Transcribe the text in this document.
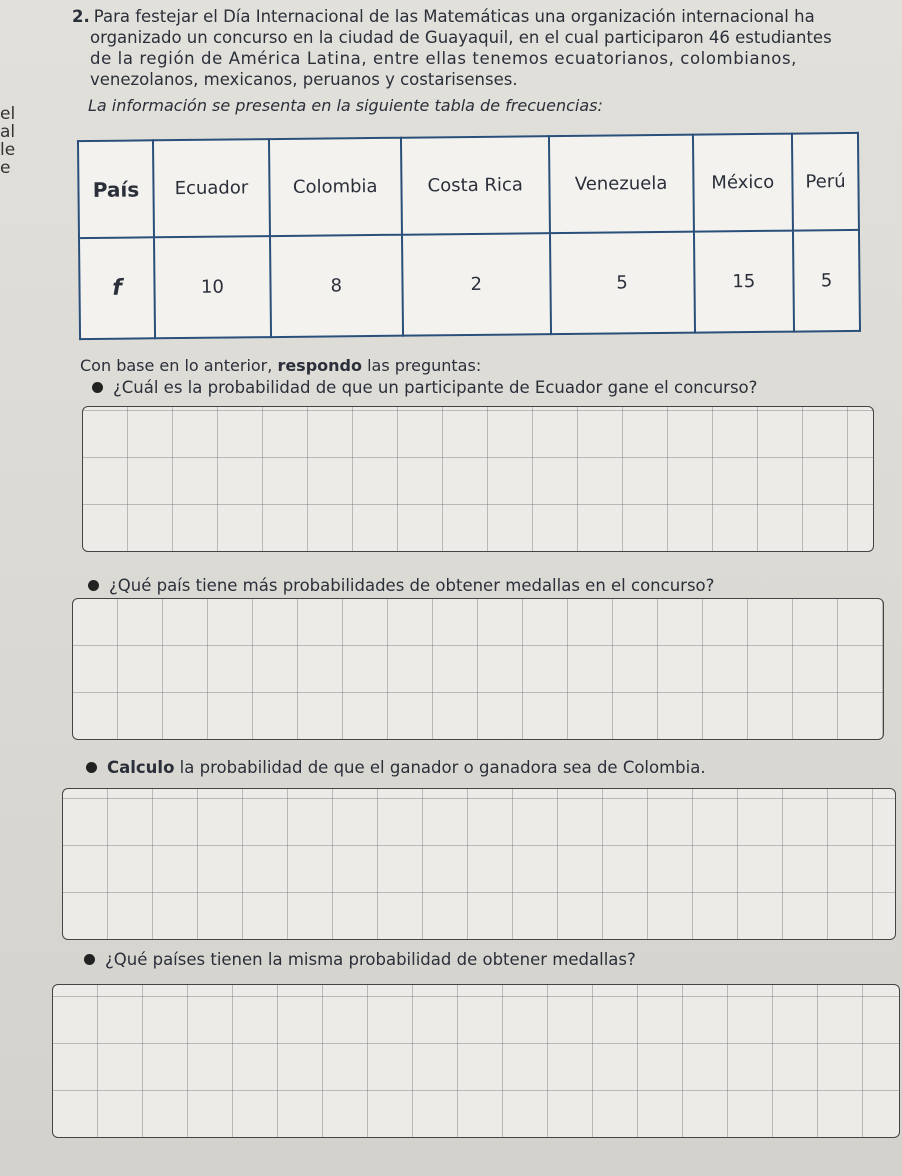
el
al
le
e

2. Para festejar el Día Internacional de las Matemáticas una organización internacional ha

organizado un concurso en la ciudad de Guayaquil, en el cual participaron 46 estudiantes

de la región de América Latina, entre ellas tenemos ecuatorianos, colombianos,

venezolanos, mexicanos, peruanos y costarisenses.

La información se presenta en la siguiente tabla de frecuencias:
País	Ecuador	Colombia	Costa Rica	Venezuela	México	Perú
f	10	8	2	5	15	5
Con base en lo anterior, respondo las preguntas:
¿Cuál es la probabilidad de que un participante de Ecuador gane el concurso?
¿Qué país tiene más probabilidades de obtener medallas en el concurso?
Calculo la probabilidad de que el ganador o ganadora sea de Colombia.
¿Qué países tienen la misma probabilidad de obtener medallas?
